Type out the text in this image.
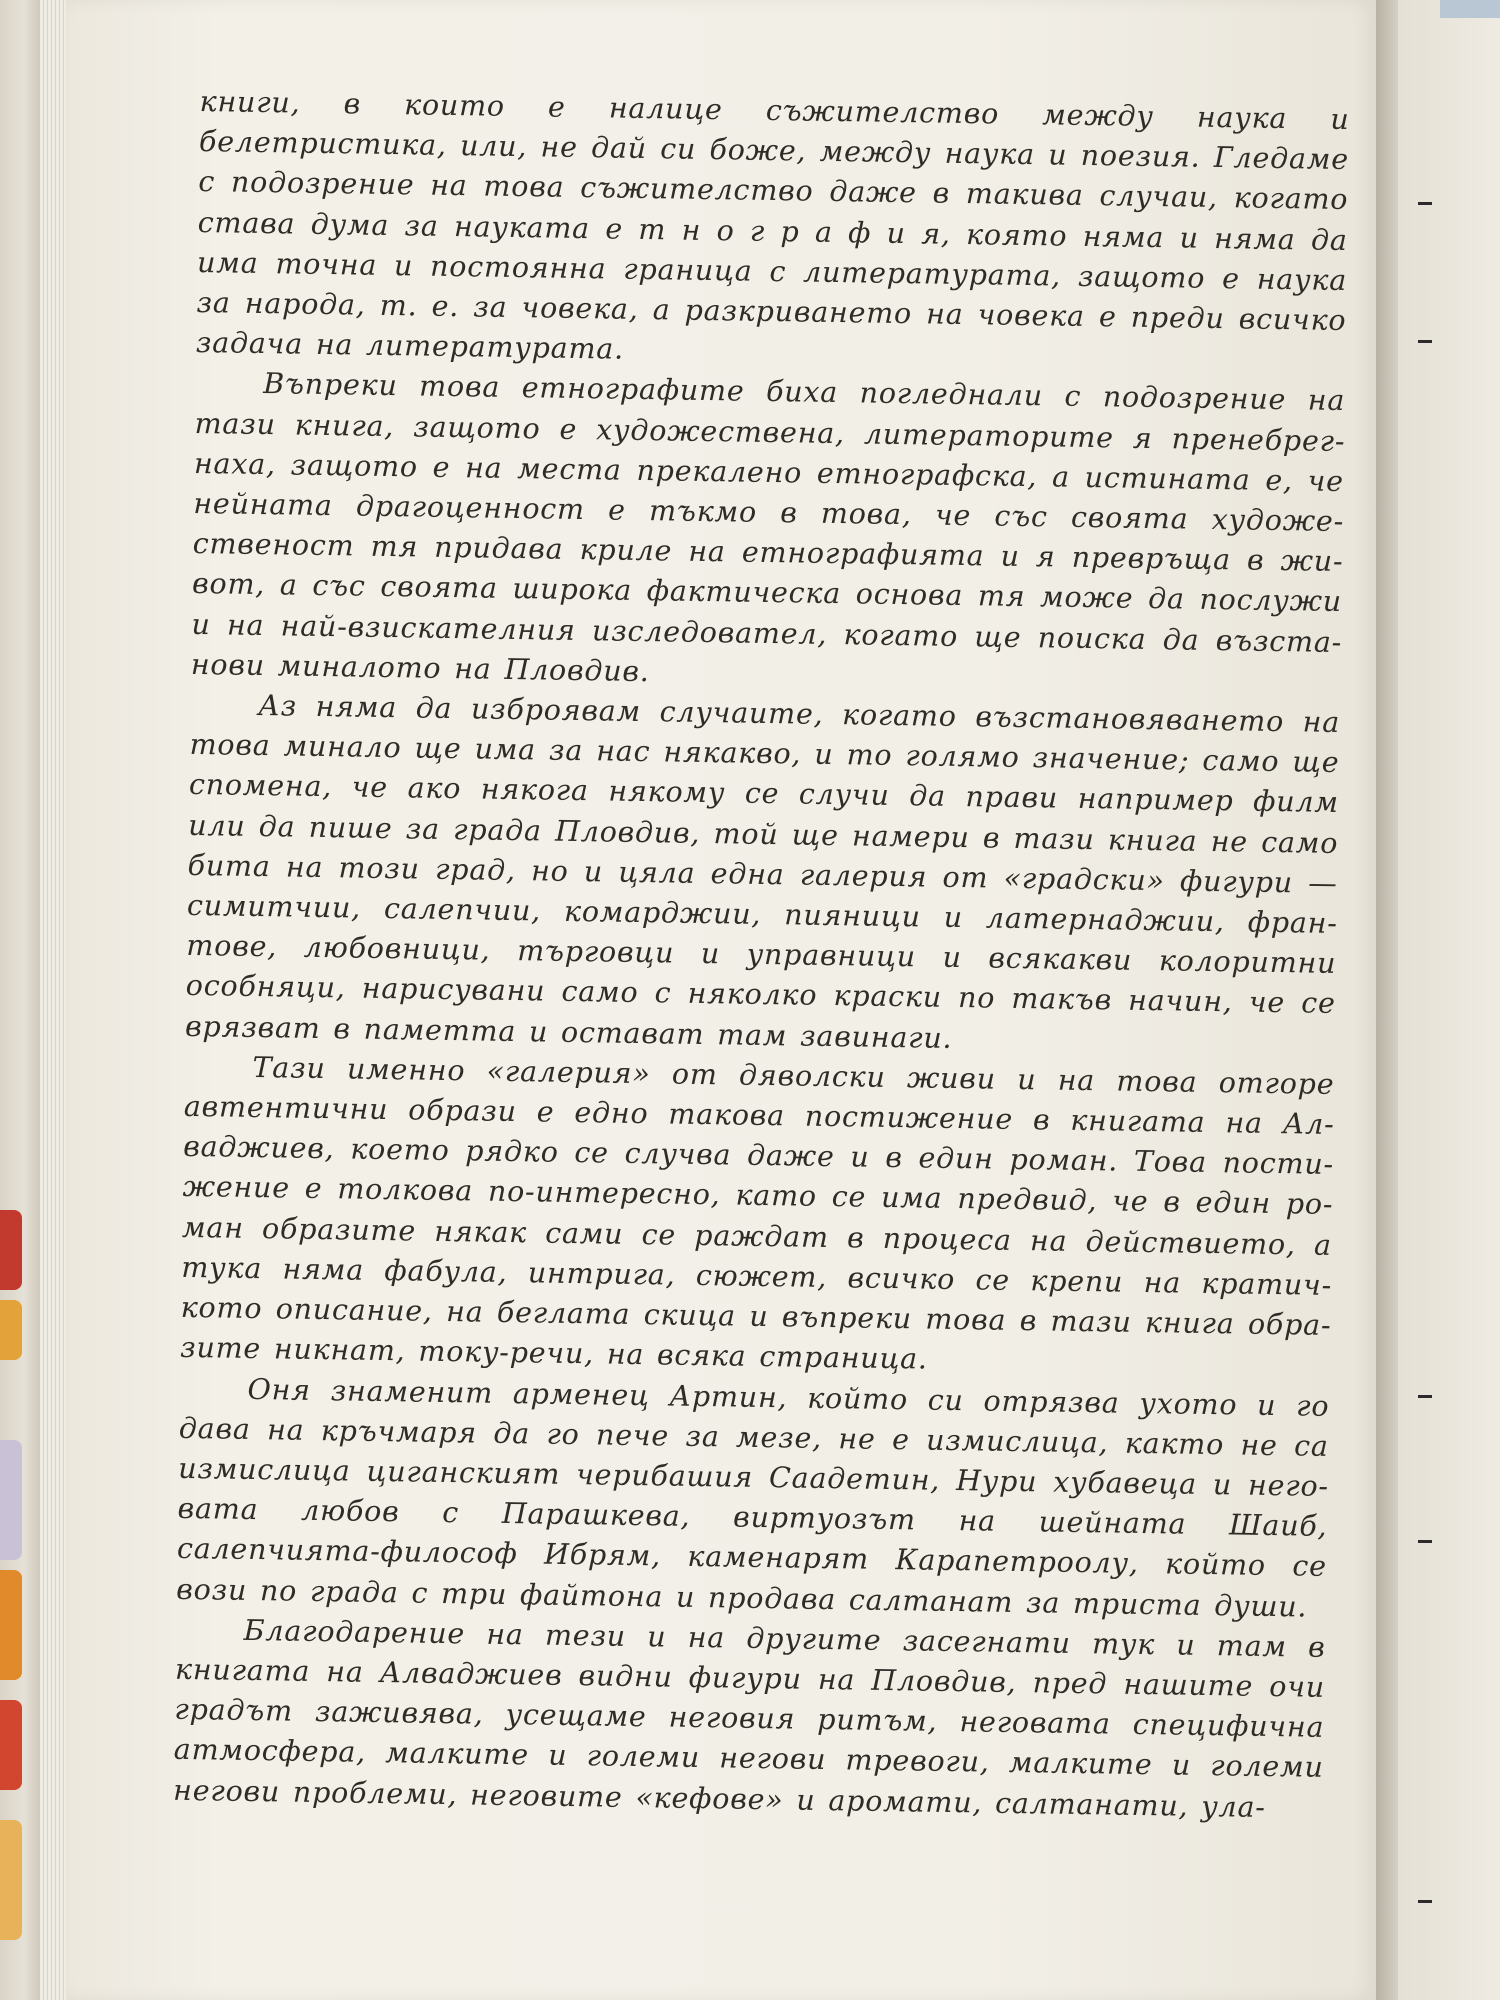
книги, в които е налице съжителство между наука и белетристика, или, не дай си боже, между наука и поезия. Гледаме с подозрение на това съжителство даже в такива случаи, когато става дума за науката е т н о г р а ф и я, която няма и няма да има точна и постоянна граница с литературата, защото е наука за народа, т. е. за човека, а разкриването на човека е преди всичко задача на литературата.

Въпреки това етнографите биха погледнали с подозрение на тази книга, защото е художествена, литераторите я пренебрегнаха, защото е на места прекалено етнографска, а истината е, че нейната драгоценност е тъкмо в това, че със своята художественост тя придава криле на етнографията и я превръща в живот, а със своята широка фактическа основа тя може да послужи и на най-взискателния изследовател, когато ще поиска да възстанови миналото на Пловдив.

Аз няма да изброявам случаите, когато възстановяването на това минало ще има за нас някакво, и то голямо значение; само ще спомена, че ако някога някому се случи да прави например филм или да пише за града Пловдив, той ще намери в тази книга не само бита на този град, но и цяла една галерия от «градски» фигури — симитчии, салепчии, комарджии, пияници и латернаджии, франтове, любовници, търговци и управници и всякакви колоритни особняци, нарисувани само с няколко краски по такъв начин, че се врязват в паметта и остават там завинаги.

Тази именно «галерия» от дяволски живи и на това отгоре автентични образи е едно такова постижение в книгата на Алваджиев, което рядко се случва даже и в един роман. Това постижение е толкова по-интересно, като се има предвид, че в един роман образите някак сами се раждат в процеса на действието, а тука няма фабула, интрига, сюжет, всичко се крепи на кратичкото описание, на беглата скица и въпреки това в тази книга образите никнат, току-речи, на всяка страница.

Оня знаменит арменец Артин, който си отрязва ухото и го дава на кръчмаря да го пече за мезе, не е измислица, както не са измислица циганският черибашия Саадетин, Нури хубавеца и неговата любов с Парашкева, виртуозът на шейната Шаиб, салепчията-философ Ибрям, каменарят Карапетроолу, който се вози по града с три файтона и продава салтанат за триста души.

Благодарение на тези и на другите засегнати тук и там в книгата на Алваджиев видни фигури на Пловдив, пред нашите очи градът заживява, усещаме неговия ритъм, неговата специфична атмосфера, малките и големи негови тревоги, малките и големи негови проблеми, неговите «кефове» и аромати, салтанати, ула-
